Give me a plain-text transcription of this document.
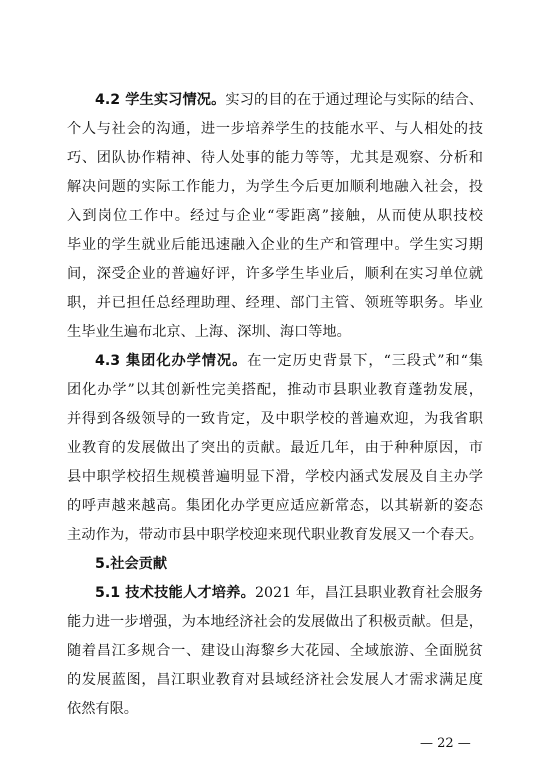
4.2 学生实习情况。实习的目的在于通过理论与实际的结合、
个人与社会的沟通，进一步培养学生的技能水平、与人相处的技
巧、团队协作精神、待人处事的能力等等，尤其是观察、分析和
解决问题的实际工作能力，为学生今后更加顺利地融入社会，投
入到岗位工作中。经过与企业“零距离”接触，从而使从职技校
毕业的学生就业后能迅速融入企业的生产和管理中。学生实习期
间，深受企业的普遍好评，许多学生毕业后，顺利在实习单位就
职，并已担任总经理助理、经理、部门主管、领班等职务。毕业
生毕业生遍布北京、上海、深圳、海口等地。
4.3 集团化办学情况。在一定历史背景下，“三段式”和“集
团化办学”以其创新性完美搭配，推动市县职业教育蓬勃发展，
并得到各级领导的一致肯定，及中职学校的普遍欢迎，为我省职
业教育的发展做出了突出的贡献。最近几年，由于种种原因，市
县中职学校招生规模普遍明显下滑，学校内涵式发展及自主办学
的呼声越来越高。集团化办学更应适应新常态，以其崭新的姿态
主动作为，带动市县中职学校迎来现代职业教育发展又一个春天。
5.社会贡献
5.1 技术技能人才培养。2021 年，昌江县职业教育社会服务
能力进一步增强，为本地经济社会的发展做出了积极贡献。但是，
随着昌江多规合一、建设山海黎乡大花园、全域旅游、全面脱贫
的发展蓝图，昌江职业教育对县域经济社会发展人才需求满足度
依然有限。
— 22 —
